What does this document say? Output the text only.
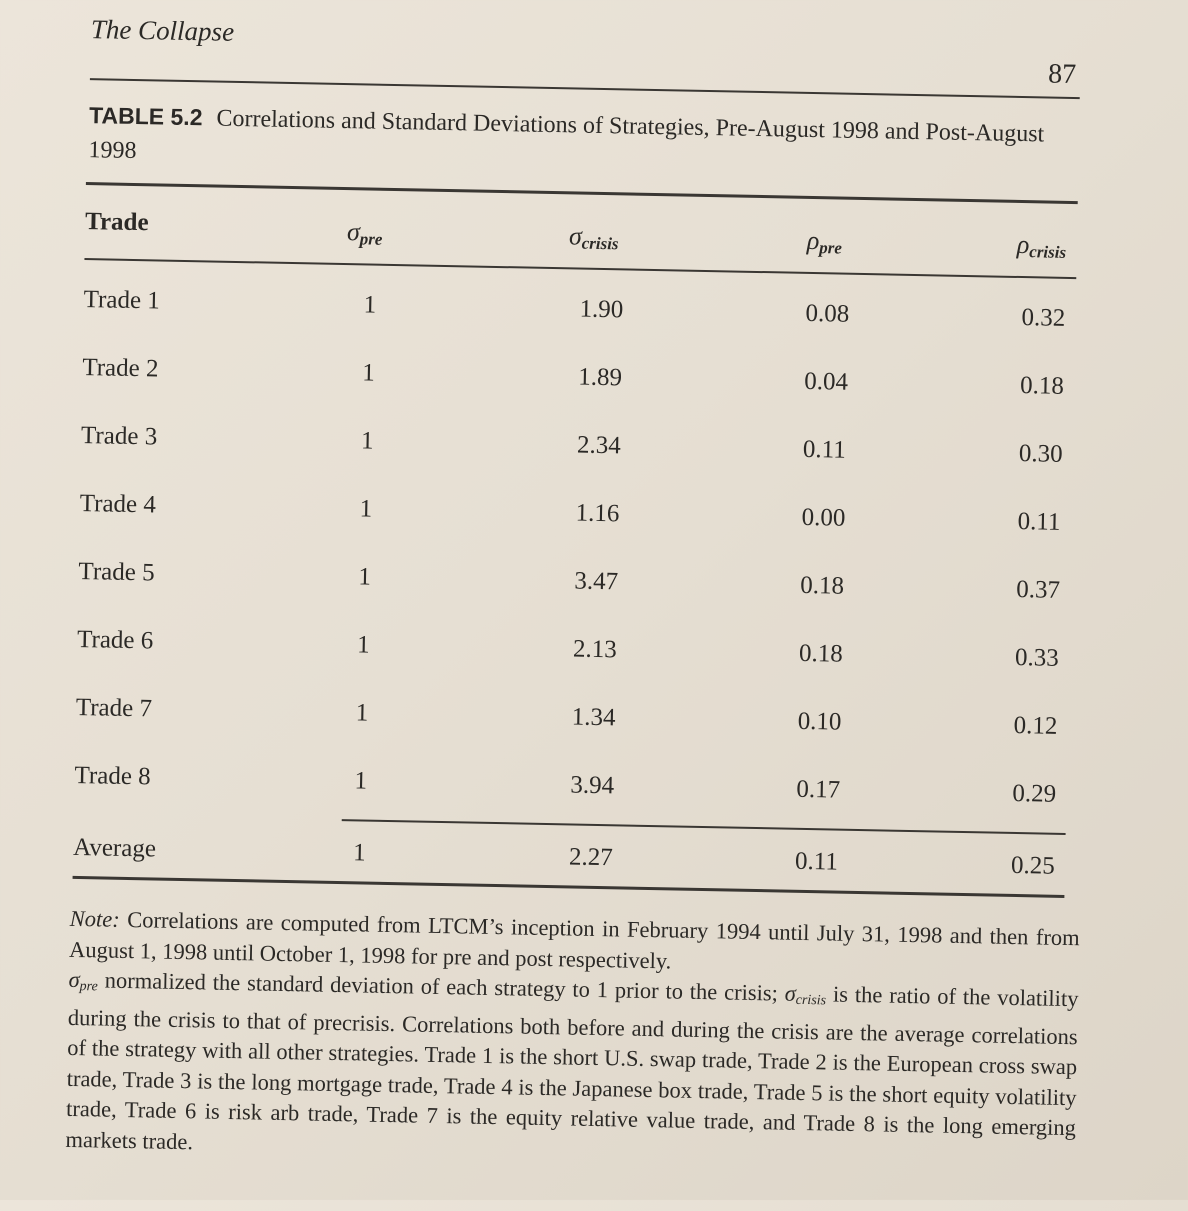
The Collapse
87
TABLE 5.2 Correlations and Standard Deviations of Strategies, Pre-August 1998 and Post-August 1998
Trade	$\sigma_{pre}$	$\sigma_{crisis}$	$\rho_{pre}$	$\rho_{crisis}$
Trade 1	1	1.90	0.08	0.32
Trade 2	1	1.89	0.04	0.18
Trade 3	1	2.34	0.11	0.30
Trade 4	1	1.16	0.00	0.11
Trade 5	1	3.47	0.18	0.37
Trade 6	1	2.13	0.18	0.33
Trade 7	1	1.34	0.10	0.12
Trade 8	1	3.94	0.17	0.29
Average	1	2.27	0.11	0.25

Note: Correlations are computed from LTCM’s inception in February 1994 until July 31, 1998 and then from August 1, 1998 until October 1, 1998 for pre and post respectively.

$\sigma_{pre}$ normalized the standard deviation of each strategy to 1 prior to the crisis; $\sigma_{crisis}$ is the ratio of the volatility during the crisis to that of precrisis. Correlations both before and during the crisis are the average correlations of the strategy with all other strategies. Trade 1 is the short U.S. swap trade, Trade 2 is the European cross swap trade, Trade 3 is the long mortgage trade, Trade 4 is the Japanese box trade, Trade 5 is the short equity volatility trade, Trade 6 is risk arb trade, Trade 7 is the equity relative value trade, and Trade 8 is the long emerging markets trade.
